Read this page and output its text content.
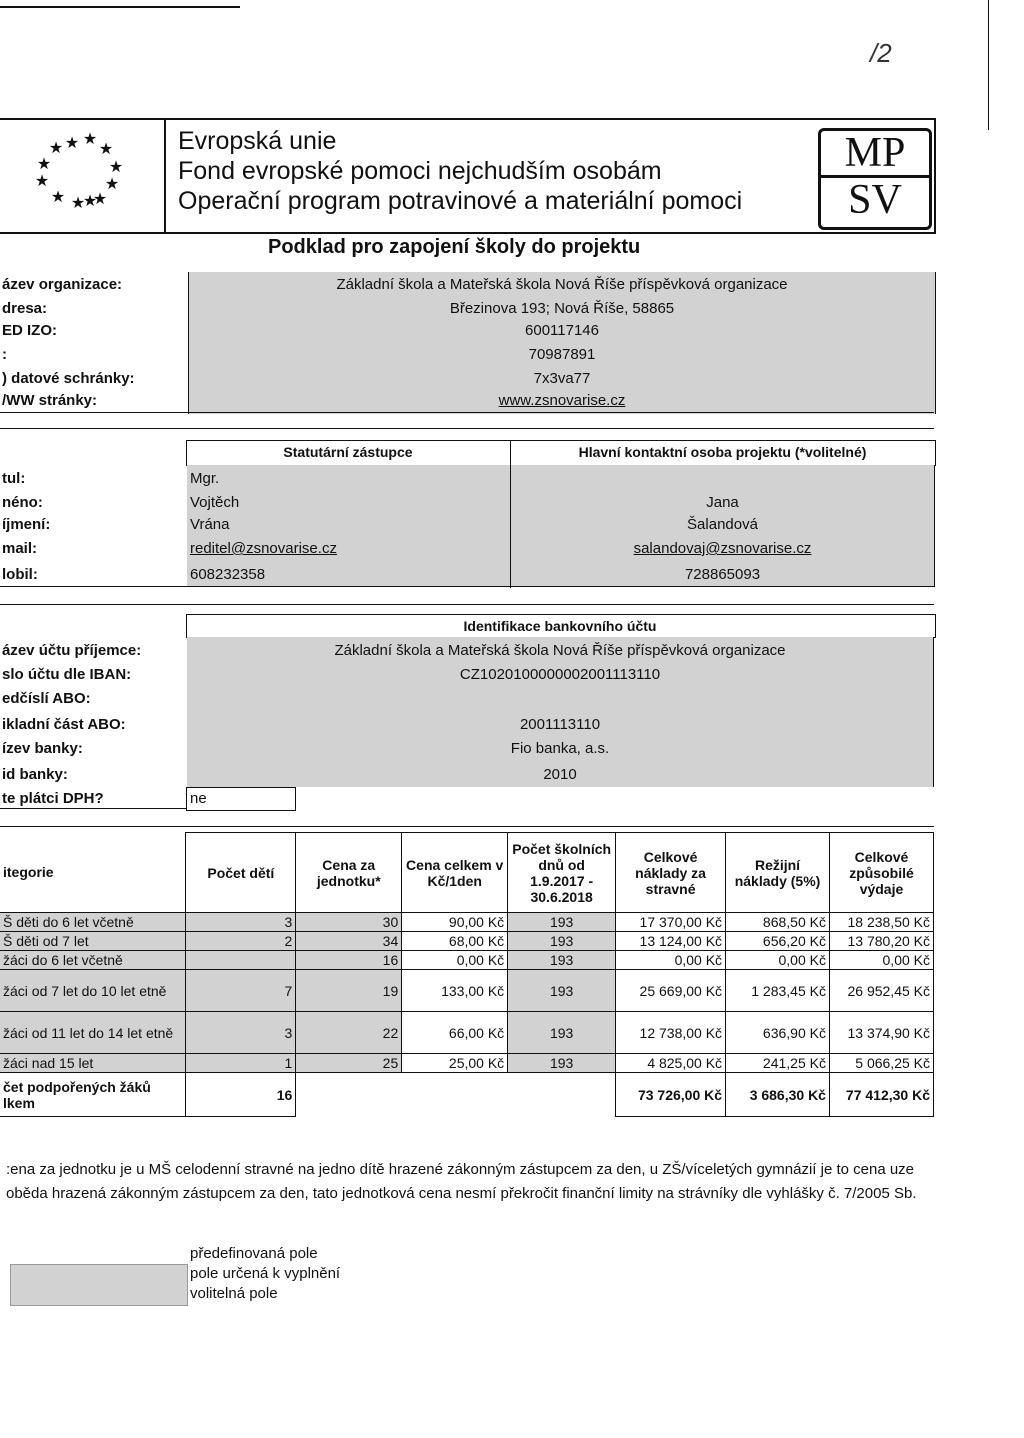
/2
★ ★
★ ★
★	★
★	★
★ ★
★
★
Evropská unie
Fond evropské pomoci nejchudším osobám
Operační program potravinové a materiální pomoci
MP
SV
Podklad pro zapojení školy do projektu
ázev organizace:	Základní škola a Mateřská škola Nová Říše příspěvková organizace
dresa:	Březinova 193; Nová Říše, 58865
ED IZO:	600117146
:	70987891
) datové schránky:	7x3va77
/WW stránky:	www.zsnovarise.cz
Statutární zástupce	Hlavní kontaktní osoba projektu (*volitelné)
tul:	Mgr.
néno:	Vojtěch	Jana
íjmení:	Vrána	Šalandová
mail:	reditel@zsnovarise.cz	salandovaj@zsnovarise.cz
lobil:	608232358	728865093
Identifikace bankovního účtu
ázev účtu příjemce:	Základní škola a Mateřská škola Nová Říše příspěvková organizace
slo účtu dle IBAN:	CZ1020100000002001113110
edčíslí ABO:
ikladní část ABO:	2001113110
ízev banky:	Fio banka, a.s.
id banky:	2010
te plátci DPH?	ne
itegorie	Počet dětí	Cena za jednotku*	Cena celkem v Kč/1den	Počet školních dnů od 1.9.2017 - 30.6.2018	Celkové náklady za stravné	Režijní náklady (5%)	Celkové způsobilé výdaje
Š děti do 6 let včetně	3	30	90,00 Kč	193	17 370,00 Kč	868,50 Kč	18 238,50 Kč
Š děti od 7 let	2	34	68,00 Kč	193	13 124,00 Kč	656,20 Kč	13 780,20 Kč
žáci do 6 let včetně		16	0,00 Kč	193	0,00 Kč	0,00 Kč	0,00 Kč
žáci od 7 let do 10 let etně	7	19	133,00 Kč	193	25 669,00 Kč	1 283,45 Kč	26 952,45 Kč
žáci od 11 let do 14 let etně	3	22	66,00 Kč	193	12 738,00 Kč	636,90 Kč	13 374,90 Kč
žáci nad 15 let	1	25	25,00 Kč	193	4 825,00 Kč	241,25 Kč	5 066,25 Kč
čet podpořených žáků lkem	16				73 726,00 Kč	3 686,30 Kč	77 412,30 Kč
:ena za jednotku je u MŠ celodenní stravné na jedno dítě hrazené zákonným zástupcem za den, u ZŠ/víceletých gymnázií je to cena uze oběda hrazená zákonným zástupcem za den, tato jednotková cena nesmí překročit finanční limity na strávníky dle vyhlášky č. 7/2005 Sb.
předefinovaná pole
pole určená k vyplnění
volitelná pole
